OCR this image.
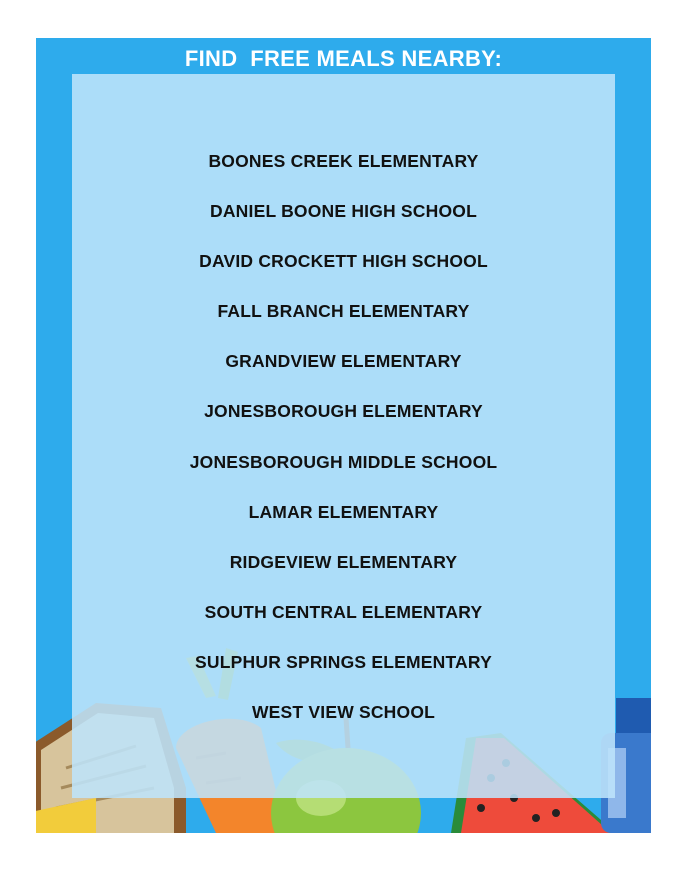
FIND  FREE MEALS NEARBY:
BOONES CREEK ELEMENTARY
DANIEL BOONE HIGH SCHOOL
DAVID CROCKETT HIGH SCHOOL
FALL BRANCH ELEMENTARY
GRANDVIEW ELEMENTARY
JONESBOROUGH ELEMENTARY
JONESBOROUGH MIDDLE SCHOOL
LAMAR ELEMENTARY
RIDGEVIEW ELEMENTARY
SOUTH CENTRAL ELEMENTARY
SULPHUR SPRINGS ELEMENTARY
WEST VIEW SCHOOL
